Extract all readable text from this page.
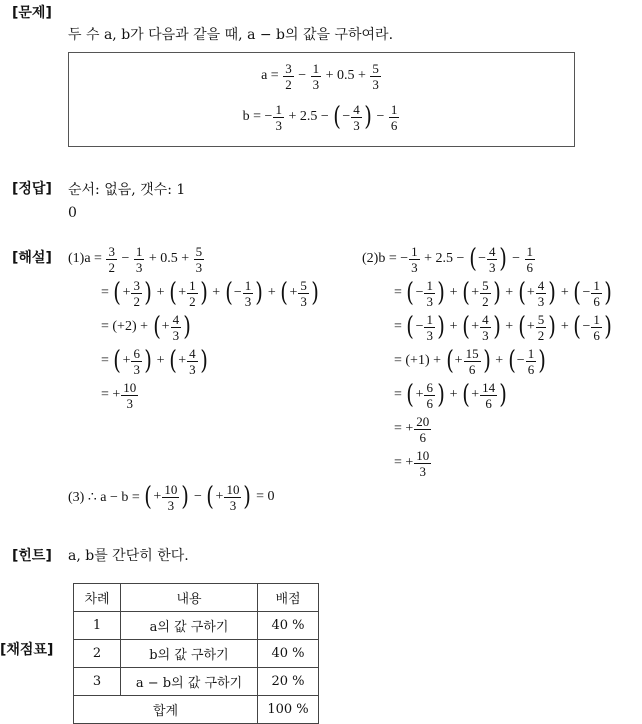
[문제]
[정답]
[해설]
[힌트]
[채점표]
두 수 a, b가 다음과 같을 때, a − b의 값을 구하여라.
$a = \frac{3}{2} - \frac{1}{3} + 0.5 + \frac{5}{3}$
b = − $\frac{1}{3} + 2.5$ − ( − $\frac{4}{3}$ ) − $\frac{1}{6}$
순서: 없음, 갯수: 1
0
$(1)a = \frac{3}{2} - \frac{1}{3} + 0.5 + \frac{5}{3}$
= ( + $\frac{3}{2}$ ) + ( + $\frac{1}{2}$ ) + ( − $\frac{1}{3}$ ) + ( + $\frac{5}{3}$ )
= (+2) + ( + $\frac{4}{3}$ )
= ( + $\frac{6}{3}$ ) + ( + $\frac{4}{3}$ )
= + $\frac{10}{3}$
(2)b = − $\frac{1}{3} + 2.5$ − ( − $\frac{4}{3}$ ) − $\frac{1}{6}$
= ( − $\frac{1}{3}$ ) + ( + $\frac{5}{2}$ ) + ( + $\frac{4}{3}$ ) + ( − $\frac{1}{6}$ )
= ( − $\frac{1}{3}$ ) + ( + $\frac{4}{3}$ ) + ( + $\frac{5}{2}$ ) + ( − $\frac{1}{6}$ )
= (+1) + ( + $\frac{15}{6}$ ) + ( − $\frac{1}{6}$ )
= ( + $\frac{6}{6}$ ) + ( + $\frac{14}{6}$ )
= + $\frac{20}{6}$
= + $\frac{10}{3}$
(3) ∴ a − b = ( + $\frac{10}{3}$ ) − ( + $\frac{10}{3}$ ) = 0
a, b를 간단히 한다.
차례	내용	배점
1	a의 값 구하기	40 %
2	b의 값 구하기	40 %
3	a − b의 값 구하기	20 %
합계		100 %
